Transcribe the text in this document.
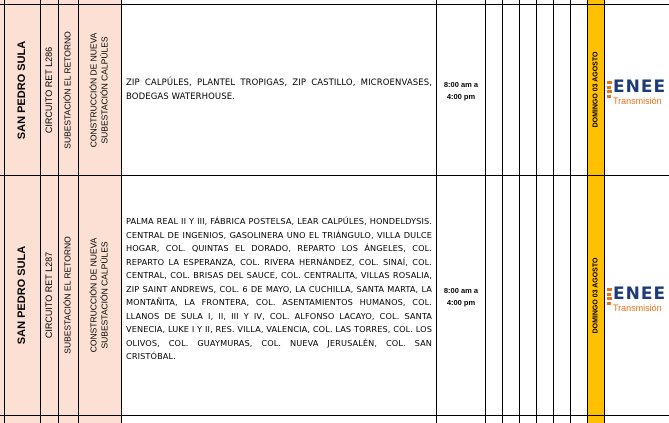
SAN PEDRO SULA CIRCUITO RET L286 SUBESTACIÓN EL RETORNO CONSTRUCCIÓN DE NUEVA SUBESTACIÓN CALPÚLES ZIP CALPÚLES, PLANTEL TROPIGAS, ZIP CASTILLO, MICROENVASES, BODEGAS WATERHOUSE.
8:00 am a
4:00 pm	DOMINGO 03 AGOSTO ENEE
Transmisión
SAN PEDRO SULA CIRCUITO RET L287 SUBESTACIÓN EL RETORNO CONSTRUCCIÓN DE NUEVA SUBESTACIÓN CALPÚLES
PALMA REAL II Y III, FÁBRICA POSTELSA, LEAR CALPÚLES, HONDELDYSIS. CENTRAL DE INGENIOS, GASOLINERA UNO EL TRIÁNGULO, VILLA DULCE HOGAR, COL. QUINTAS EL DORADO, REPARTO LOS ÁNGELES, COL. REPARTO LA ESPERANZA, COL. RIVERA HERNÁNDEZ, COL. SINAÍ, COL. CENTRAL, COL. BRISAS DEL SAUCE, COL. CENTRALITA, VILLAS ROSALIA, ZIP SAINT ANDREWS, COL. 6 DE MAYO, LA CUCHILLA, SANTA MARTA, LA MONTAÑITA, LA FRONTERA, COL. ASENTAMIENTOS HUMANOS, COL. LLANOS DE SULA I, II, III Y IV, COL. ALFONSO LACAYO, COL. SANTA VENECIA, LUKE I Y II, RES. VILLA, VALENCIA, COL. LAS TORRES, COL. LOS OLIVOS, COL. GUAYMURAS, COL. NUEVA JERUSALÉN, COL. SAN CRISTÓBAL.
8:00 am a
4:00 pm	DOMINGO 03 AGOSTO ENEE
Transmisión
